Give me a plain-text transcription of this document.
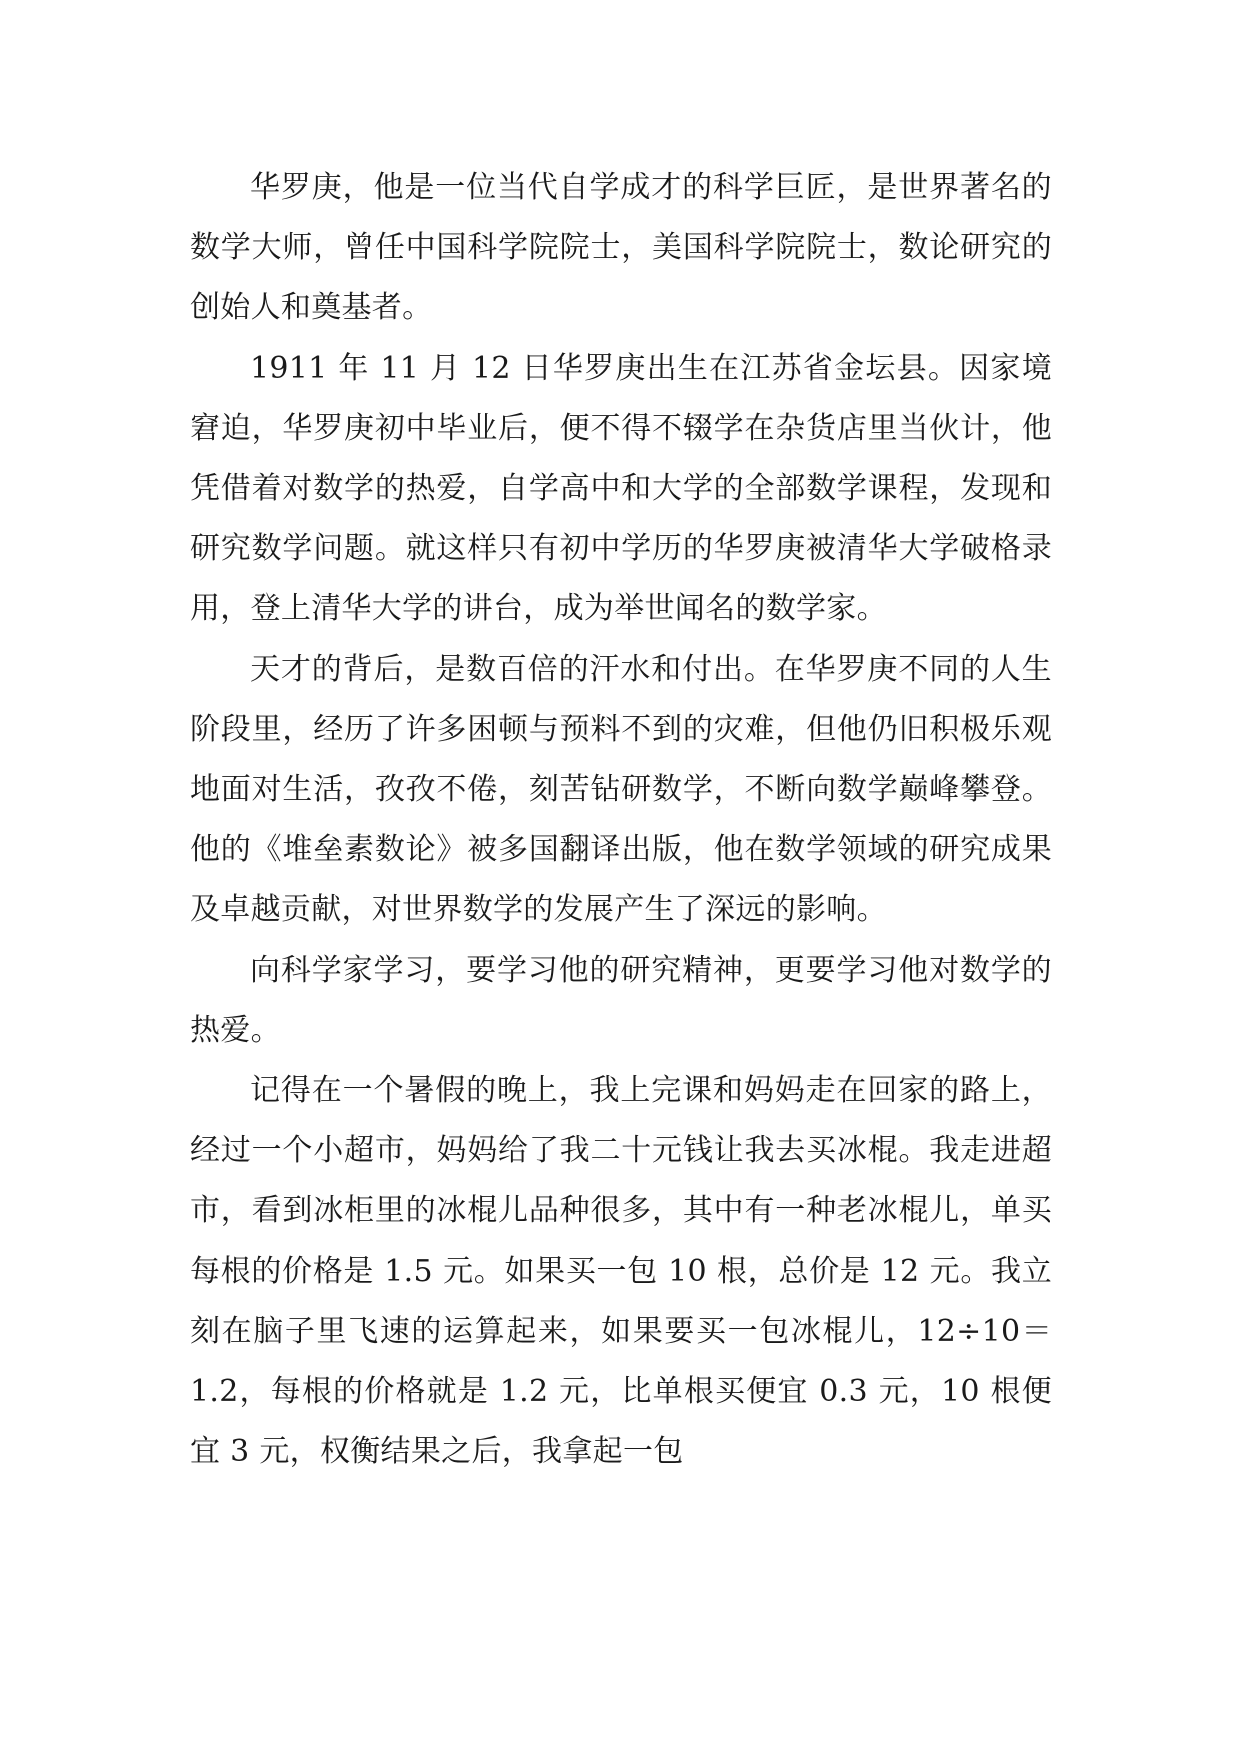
华罗庚，他是一位当代自学成才的科学巨匠，是世界著名的数学大师，曾任中国科学院院士，美国科学院院士，数论研究的创始人和奠基者。

1911 年 11 月 12 日华罗庚出生在江苏省金坛县。因家境窘迫，华罗庚初中毕业后，便不得不辍学在杂货店里当伙计，他凭借着对数学的热爱，自学高中和大学的全部数学课程，发现和研究数学问题。就这样只有初中学历的华罗庚被清华大学破格录用，登上清华大学的讲台，成为举世闻名的数学家。

天才的背后，是数百倍的汗水和付出。在华罗庚不同的人生阶段里，经历了许多困顿与预料不到的灾难，但他仍旧积极乐观地面对生活，孜孜不倦，刻苦钻研数学，不断向数学巅峰攀登。他的《堆垒素数论》被多国翻译出版，他在数学领域的研究成果及卓越贡献，对世界数学的发展产生了深远的影响。

向科学家学习，要学习他的研究精神，更要学习他对数学的热爱。

记得在一个暑假的晚上，我上完课和妈妈走在回家的路上，经过一个小超市，妈妈给了我二十元钱让我去买冰棍。我走进超市，看到冰柜里的冰棍儿品种很多，其中有一种老冰棍儿，单买每根的价格是 1.5 元。如果买一包 10 根，总价是 12 元。我立刻在脑子里飞速的运算起来，如果要买一包冰棍儿，12÷10＝1.2，每根的价格就是 1.2 元，比单根买便宜 0.3 元，10 根便宜 3 元，权衡结果之后，我拿起一包
